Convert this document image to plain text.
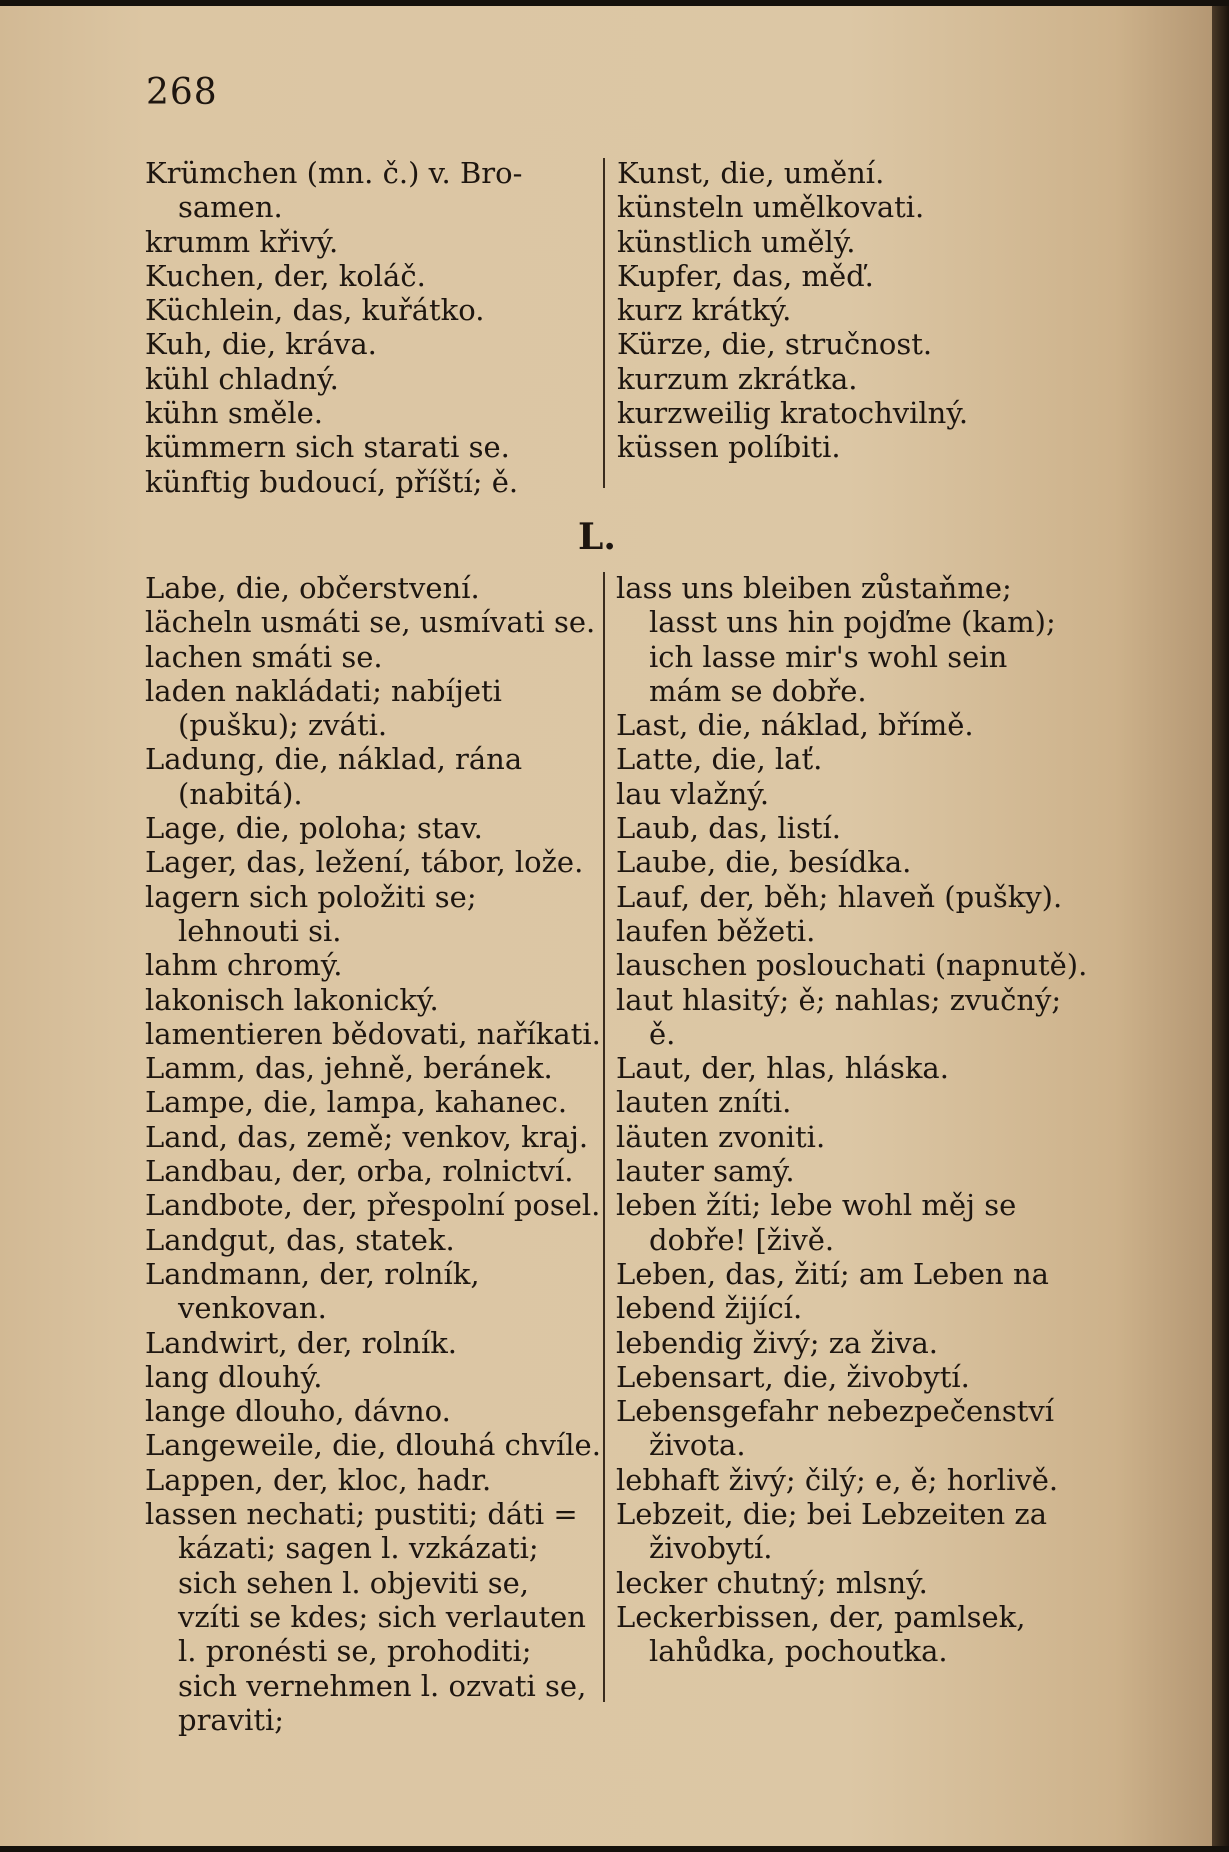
268

Krümchen (mn. č.) v. Bro-samen.

krumm křivý.

Kuchen, der, koláč.

Küchlein, das, kuřátko.

Kuh, die, kráva.

kühl chladný.

kühn směle.

kümmern sich starati se.

künftig budoucí, příští; ě.

Kunst, die, umění.

künsteln umělkovati.

künstlich umělý.

Kupfer, das, měď.

kurz krátký.

Kürze, die, stručnost.

kurzum zkrátka.

kurzweilig kratochvilný.

küssen políbiti.

L.

Labe, die, občerstvení.

lächeln usmáti se, usmívati se.

lachen smáti se.

laden nakládati; nabíjeti (pušku); zváti.

Ladung, die, náklad, rána (nabitá).

Lage, die, poloha; stav.

Lager, das, ležení, tábor, lože.

lagern sich položiti se; lehnouti si.

lahm chromý.

lakonisch lakonický.

lamentieren bědovati, naříkati.

Lamm, das, jehně, beránek.

Lampe, die, lampa, kahanec.

Land, das, země; venkov, kraj.

Landbau, der, orba, rolnictví.

Landbote, der, přespolní posel.

Landgut, das, statek.

Landmann, der, rolník, venkovan.

Landwirt, der, rolník.

lang dlouhý.

lange dlouho, dávno.

Langeweile, die, dlouhá chvíle.

Lappen, der, kloc, hadr.

lassen nechati; pustiti; dáti = kázati; sagen l. vzkázati; sich sehen l. objeviti se, vzíti se kdes; sich verlauten l. pronésti se, prohoditi; sich vernehmen l. ozvati se, praviti;

lass uns bleiben zůstaňme; lasst uns hin pojďme (kam); ich lasse mir's wohl sein mám se dobře.

Last, die, náklad, břímě.

Latte, die, lať.

lau vlažný.

Laub, das, listí.

Laube, die, besídka.

Lauf, der, běh; hlaveň (pušky).

laufen běžeti.

lauschen poslouchati (napnutě).

laut hlasitý; ě; nahlas; zvučný; ě.

Laut, der, hlas, hláska.

lauten zníti.

läuten zvoniti.

lauter samý.

leben žíti; lebe wohl měj se dobře! [živě.

Leben, das, žití; am Leben na

lebend žijící.

lebendig živý; za živa.

Lebensart, die, živobytí.

Lebensgefahr nebezpečenství života.

lebhaft živý; čilý; e, ě; horlivě.

Lebzeit, die; bei Lebzeiten za živobytí.

lecker chutný; mlsný.

Leckerbissen, der, pamlsek, lahůdka, pochoutka.
